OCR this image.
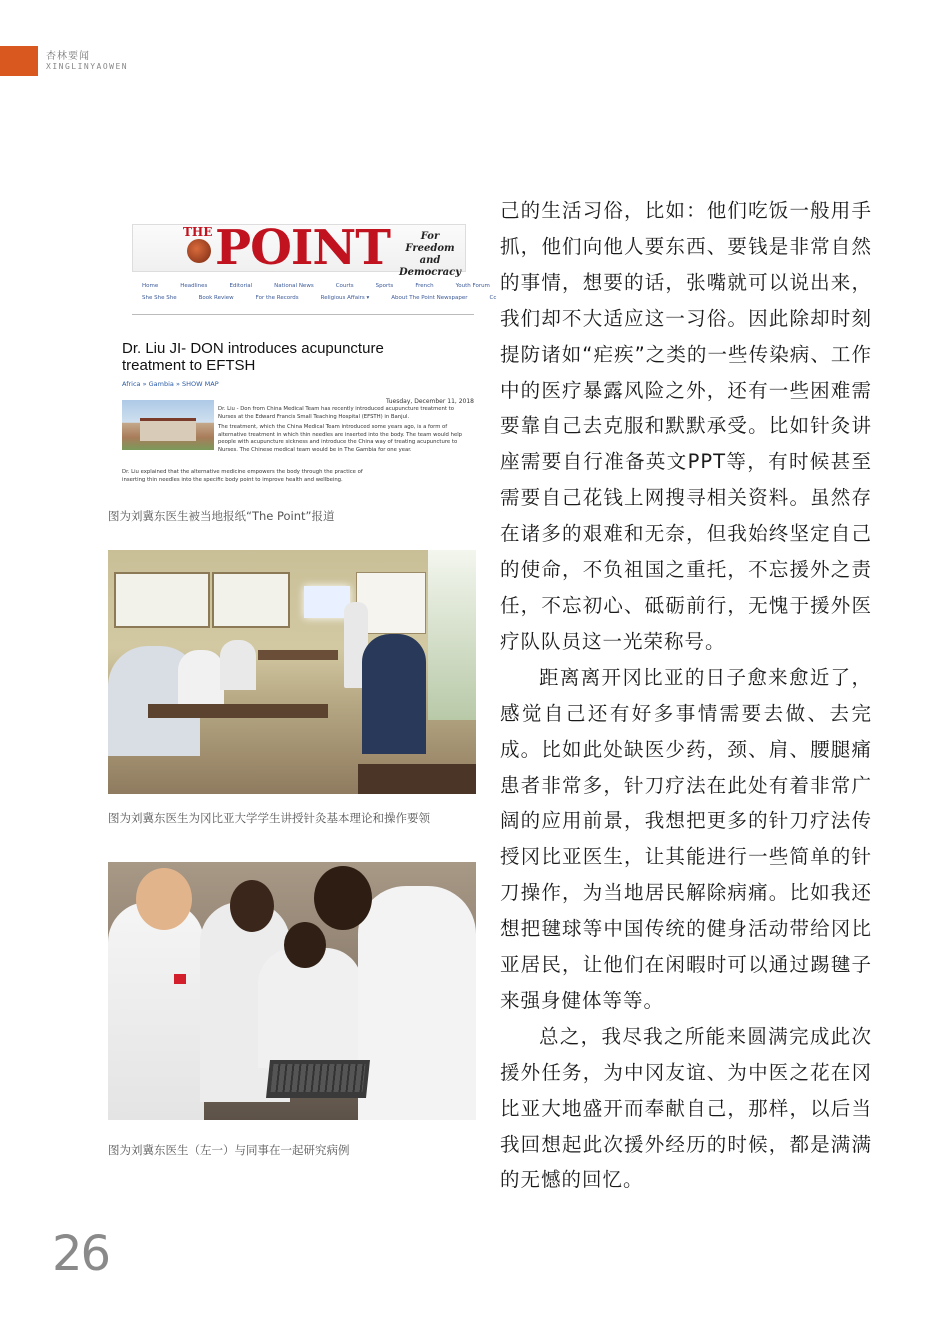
杏林要闻
XINGLINYAOWEN
THE POINT	For Freedom and Democracy
Home	Headlines	Editorial	National News	Courts	Sports	French	Youth Forum
She She She	Book Review	For the Records	Religious Affairs ▾	About The Point Newspaper	Cc
Dr. Liu JI- DON introduces acupuncture treatment to EFTSH
Africa » Gambia » SHOW MAP
Tuesday, December 11, 2018

Dr. Liu - Don from China Medical Team has recently introduced acupuncture treatment to Nurses at the Edward Francis Small Teaching Hospital (EFSTH) in Banjul.

The treatment, which the China Medical Team introduced some years ago, is a form of alternative treatment in which thin needles are inserted into the body. The team would help people with acupuncture sickness and introduce the China way of treating acupuncture to Nurses. The Chinese medical team would be in The Gambia for one year.

Dr. Liu explained that the alternative medicine empowers the body through the practice of inserting thin needles into the specific body point to improve health and wellbeing.
图为刘冀东医生被当地报纸“The Point”报道
图为刘冀东医生为冈比亚大学学生讲授针灸基本理论和操作要领
图为刘冀东医生（左一）与同事在一起研究病例

己的生活习俗，比如：他们吃饭一般用手抓，他们向他人要东西、要钱是非常自然的事情，想要的话，张嘴就可以说出来，我们却不大适应这一习俗。因此除却时刻提防诸如“疟疾”之类的一些传染病、工作中的医疗暴露风险之外，还有一些困难需要靠自己去克服和默默承受。比如针灸讲座需要自行准备英文PPT等，有时候甚至需要自己花钱上网搜寻相关资料。虽然存在诸多的艰难和无奈，但我始终坚定自己的使命，不负祖国之重托，不忘援外之责任，不忘初心、砥砺前行，无愧于援外医疗队队员这一光荣称号。

距离离开冈比亚的日子愈来愈近了，感觉自己还有好多事情需要去做、去完成。比如此处缺医少药，颈、肩、腰腿痛患者非常多，针刀疗法在此处有着非常广阔的应用前景，我想把更多的针刀疗法传授冈比亚医生，让其能进行一些简单的针刀操作，为当地居民解除病痛。比如我还想把毽球等中国传统的健身活动带给冈比亚居民，让他们在闲暇时可以通过踢毽子来强身健体等等。

总之，我尽我之所能来圆满完成此次援外任务，为中冈友谊、为中医之花在冈比亚大地盛开而奉献自己，那样，以后当我回想起此次援外经历的时候，都是满满的无憾的回忆。

26
